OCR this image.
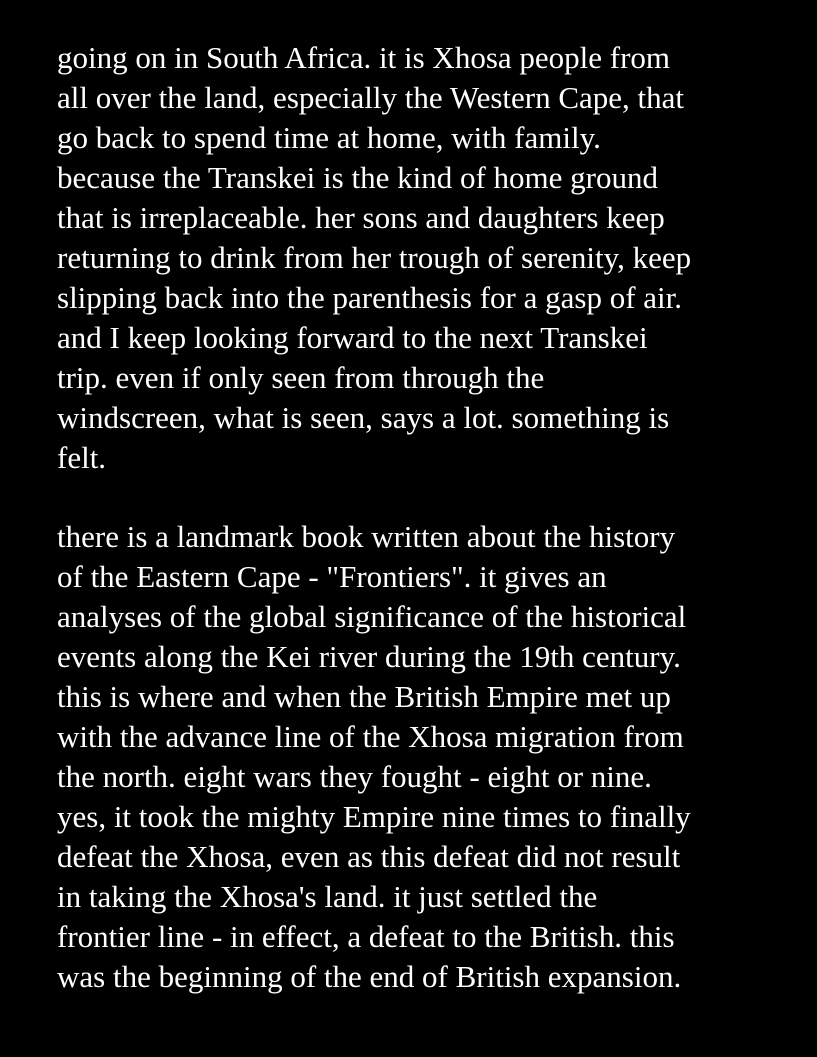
going on in South Africa. it is Xhosa people from
all over the land, especially the Western Cape, that
go back to spend time at home, with family.
because the Transkei is the kind of home ground
that is irreplaceable. her sons and daughters keep
returning to drink from her trough of serenity, keep
slipping back into the parenthesis for a gasp of air.
and I keep looking forward to the next Transkei
trip. even if only seen from through the
windscreen, what is seen, says a lot. something is
felt.

there is a landmark book written about the history
of the Eastern Cape - "Frontiers". it gives an
analyses of the global significance of the historical
events along the Kei river during the 19th century.
this is where and when the British Empire met up
with the advance line of the Xhosa migration from
the north. eight wars they fought - eight or nine.
yes, it took the mighty Empire nine times to finally
defeat the Xhosa, even as this defeat did not result
in taking the Xhosa's land. it just settled the
frontier line - in effect, a defeat to the British. this
was the beginning of the end of British expansion.
